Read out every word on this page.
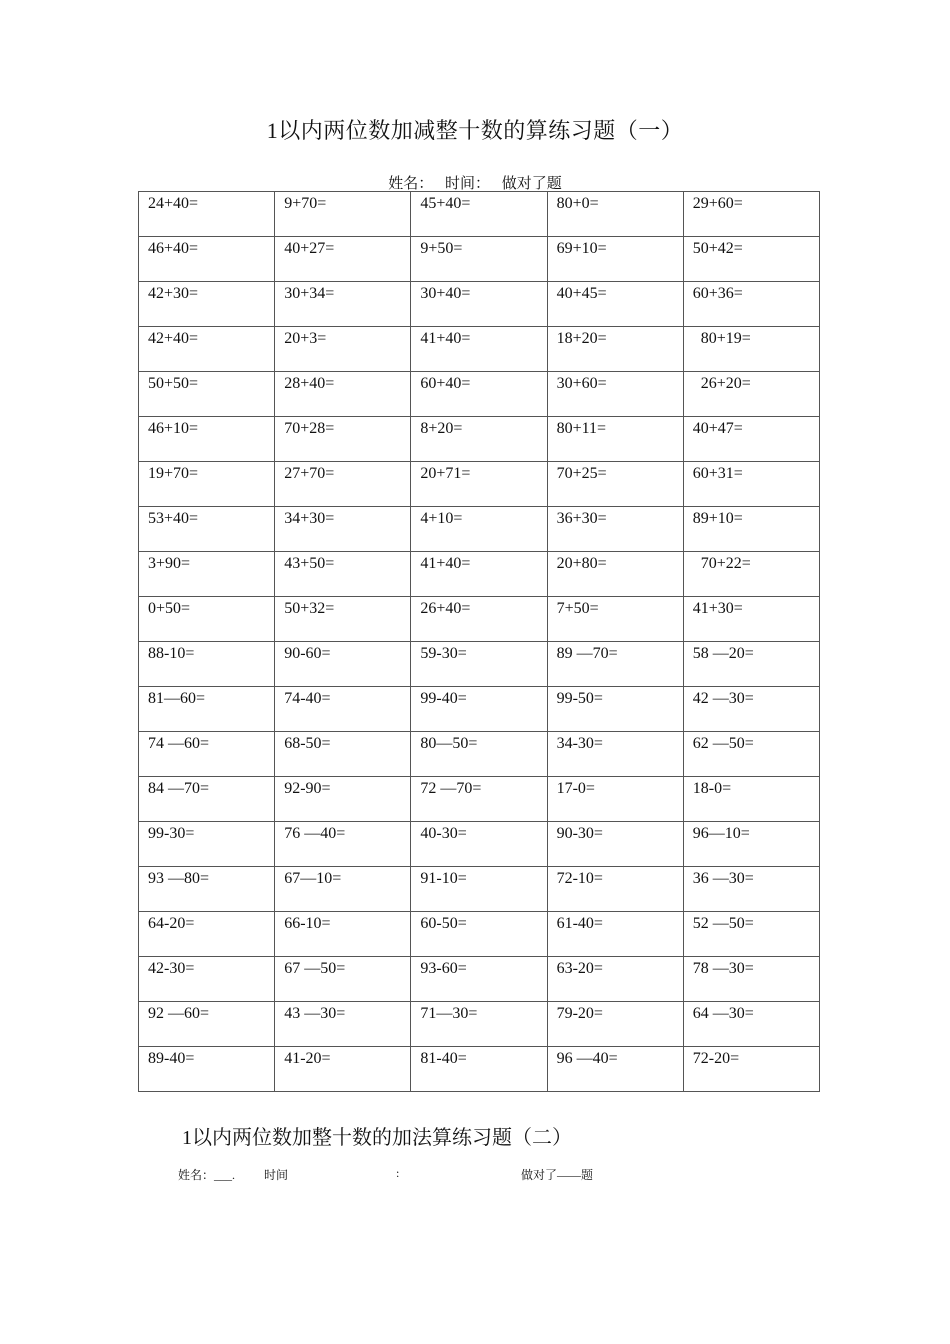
1以内两位数加减整十数的算练习题（一）
姓名： 时间： 做对了题
24+40=	9+70=	45+40=	80+0=	29+60=
46+40=	40+27=	9+50=	69+10=	50+42=
42+30=	30+34=	30+40=	40+45=	60+36=
42+40=	20+3=	41+40=	18+20=	80+19=
50+50=	28+40=	60+40=	30+60=	26+20=
46+10=	70+28=	8+20=	80+11=	40+47=
19+70=	27+70=	20+71=	70+25=	60+31=
53+40=	34+30=	4+10=	36+30=	89+10=
3+90=	43+50=	41+40=	20+80=	70+22=
0+50=	50+32=	26+40=	7+50=	41+30=
88-10=	90-60=	59-30=	89 —70=	58 —20=
81—60=	74-40=	99-40=	99-50=	42 —30=
74 —60=	68-50=	80—50=	34-30=	62 —50=
84 —70=	92-90=	72 —70=	17-0=	18-0=
99-30=	76 —40=	40-30=	90-30=	96—10=
93 —80=	67—10=	91-10=	72-10=	36 —30=
64-20=	66-10=	60-50=	61-40=	52 —50=
42-30=	67 —50=	93-60=	63-20=	78 —30=
92 —60=	43 —30=	71—30=	79-20=	64 —30=
89-40=	41-20=	81-40=	96 —40=	72-20=
1以内两位数加整十数的加法算练习题（二）
姓名：___. 时间	:	做对了——题
